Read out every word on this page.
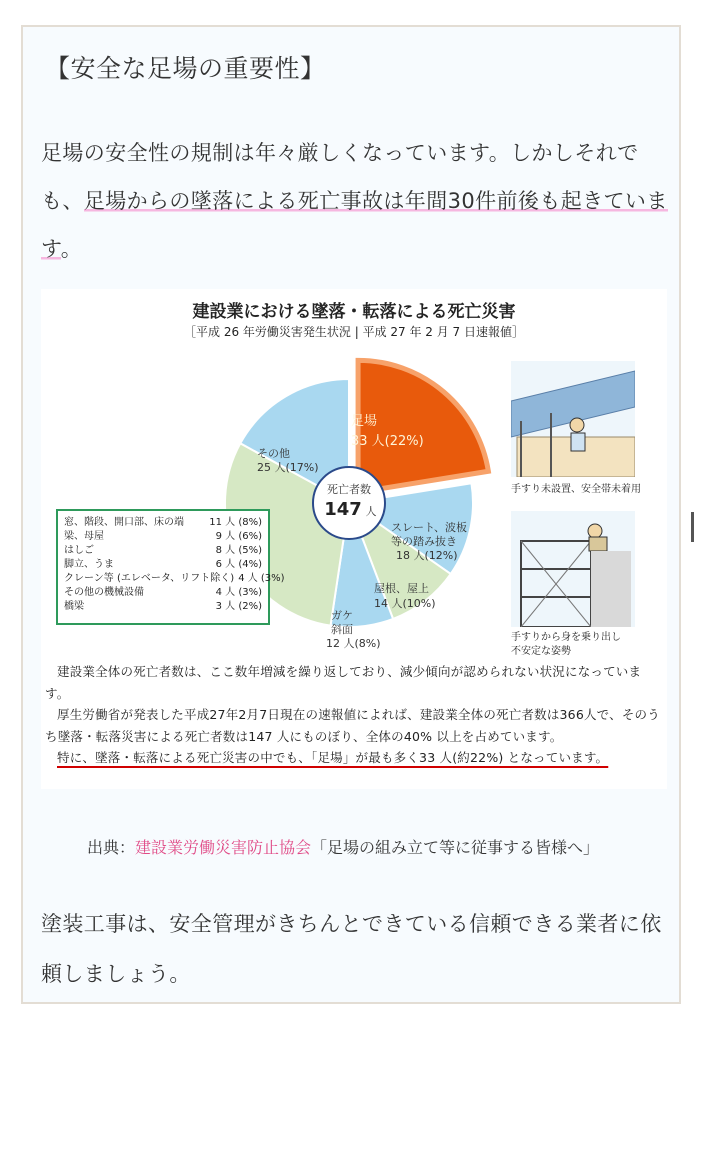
【安全な足場の重要性】
足場の安全性の規制は年々厳しくなっています。しかしそれでも、足場からの墜落による死亡事故は年間30件前後も起きています。
建設業における墜落・転落による死亡災害
［平成 26 年労働災害発生状況 | 平成 27 年 2 月 7 日速報値］
死亡者数
147 人
足場
33 人(22%)
スレート、波板
等の踏み抜き
18 人(12%)
屋根、屋上
14 人(10%)
ガケ
斜面
12 人(8%)
その他
25 人(17%)
窓、階段、開口部、床の端	11 人 (8%)
梁、母屋	9 人 (6%)
はしご	8 人 (5%)
脚立、うま	6 人 (4%)
クレーン等 (エレベータ、リフト除く) 4 人 (3%)
その他の機械設備	4 人 (3%)
橋梁	3 人 (2%)
手すり未設置、安全帯未着用
手すりから身を乗り出し
不安定な姿勢

建設業全体の死亡者数は、ここ数年増減を繰り返しており、減少傾向が認められない状況になっています。

厚生労働省が発表した平成27年2月7日現在の速報値によれば、建設業全体の死亡者数は366人で、そのうち墜落・転落災害による死亡者数は147 人にものぼり、全体の40% 以上を占めています。

特に、墜落・転落による死亡災害の中でも、「足場」が最も多く33 人(約22%) となっています。

出典：建設業労働災害防止協会「足場の組み立て等に従事する皆様へ」
塗装工事は、安全管理がきちんとできている信頼できる業者に依頼しましょう。
